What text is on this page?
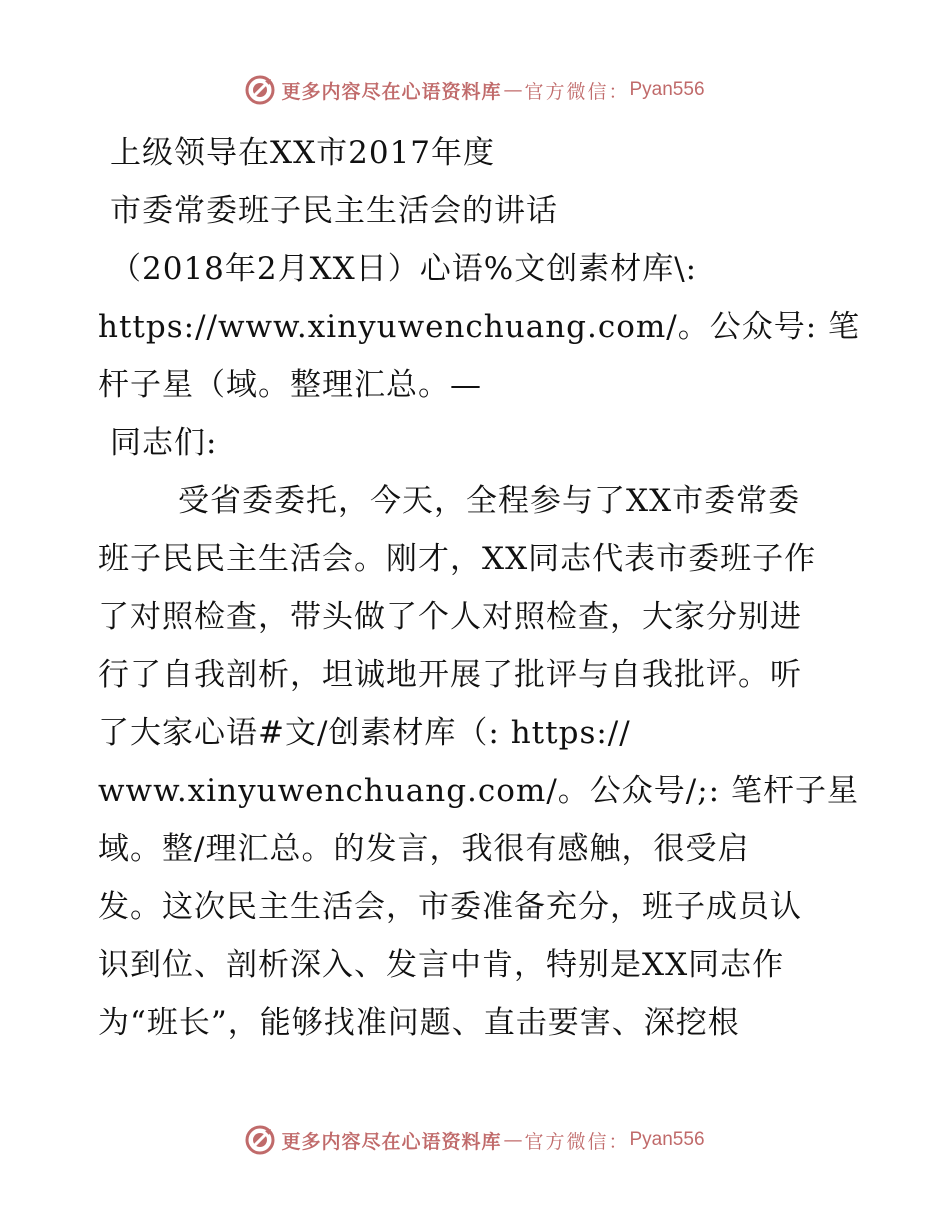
更多内容尽在心语资料库 — 官方微信： Pyan556
上级领导在XX市2017年度
市委常委班子民主生活会的讲话
（2018年2月XX日）心语%文创素材库\:
https://www.xinyuwenchuang.com/。公众号: 笔
杆子星（域。整理汇总。—
同志们:
受省委委托，今天，全程参与了XX市委常委
班子民民主生活会。刚才，XX同志代表市委班子作
了对照检查，带头做了个人对照检查，大家分别进
行了自我剖析，坦诚地开展了批评与自我批评。听
了大家心语#文/创素材库（: https://
www.xinyuwenchuang.com/。公众号/;: 笔杆子星
域。整/理汇总。的发言，我很有感触，很受启
发。这次民主生活会，市委准备充分，班子成员认
识到位、剖析深入、发言中肯，特别是XX同志作
为“班长”，能够找准问题、直击要害、深挖根
更多内容尽在心语资料库 — 官方微信： Pyan556
